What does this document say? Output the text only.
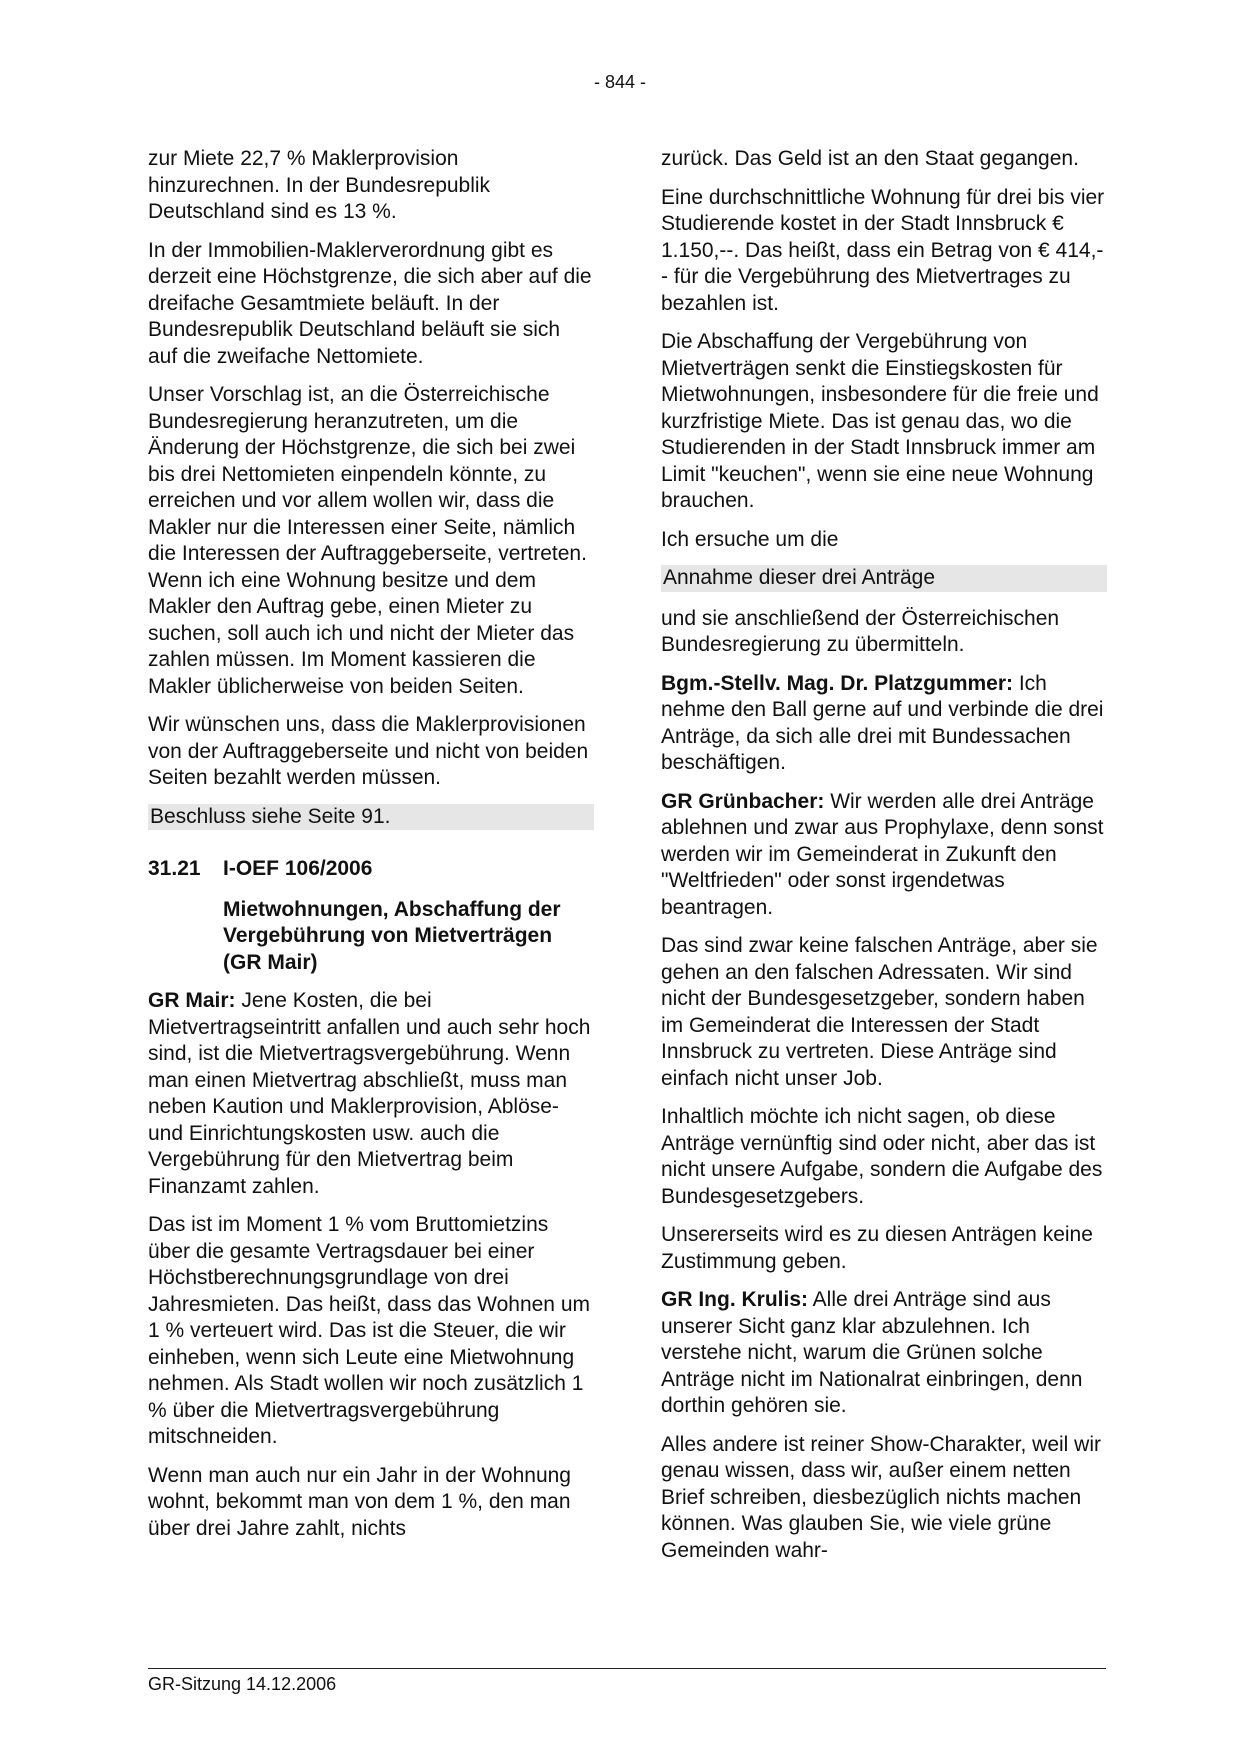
- 844 -

zur Miete 22,7 % Maklerprovision hinzurechnen. In der Bundesrepublik Deutschland sind es 13 %.

In der Immobilien-Maklerverordnung gibt es derzeit eine Höchstgrenze, die sich aber auf die dreifache Gesamtmiete beläuft. In der Bundesrepublik Deutschland beläuft sie sich auf die zweifache Nettomiete.

Unser Vorschlag ist, an die Österreichische Bundesregierung heranzutreten, um die Änderung der Höchstgrenze, die sich bei zwei bis drei Nettomieten einpendeln könnte, zu erreichen und vor allem wollen wir, dass die Makler nur die Interessen einer Seite, nämlich die Interessen der Auftraggeberseite, vertreten. Wenn ich eine Wohnung besitze und dem Makler den Auftrag gebe, einen Mieter zu suchen, soll auch ich und nicht der Mieter das zahlen müssen. Im Moment kassieren die Makler üblicherweise von beiden Seiten.

Wir wünschen uns, dass die Maklerprovisionen von der Auftraggeberseite und nicht von beiden Seiten bezahlt werden müssen.

Beschluss siehe Seite 91.
31.21	I-OEF 106/2006
Mietwohnungen, Abschaffung der Vergebührung von Mietverträgen (GR Mair)

GR Mair: Jene Kosten, die bei Mietvertragseintritt anfallen und auch sehr hoch sind, ist die Mietvertragsvergebührung. Wenn man einen Mietvertrag abschließt, muss man neben Kaution und Maklerprovision, Ablöse- und Einrichtungskosten usw. auch die Vergebührung für den Mietvertrag beim Finanzamt zahlen.

Das ist im Moment 1 % vom Bruttomietzins über die gesamte Vertragsdauer bei einer Höchstberechnungsgrundlage von drei Jahresmieten. Das heißt, dass das Wohnen um 1 % verteuert wird. Das ist die Steuer, die wir einheben, wenn sich Leute eine Mietwohnung nehmen. Als Stadt wollen wir noch zusätzlich 1 % über die Mietvertragsvergebührung mitschneiden.

Wenn man auch nur ein Jahr in der Wohnung wohnt, bekommt man von dem 1 %, den man über drei Jahre zahlt, nichts

zurück. Das Geld ist an den Staat gegangen.

Eine durchschnittliche Wohnung für drei bis vier Studierende kostet in der Stadt Innsbruck € 1.150,--. Das heißt, dass ein Betrag von € 414,-- für die Vergebührung des Mietvertrages zu bezahlen ist.

Die Abschaffung der Vergebührung von Mietverträgen senkt die Einstiegskosten für Mietwohnungen, insbesondere für die freie und kurzfristige Miete. Das ist genau das, wo die Studierenden in der Stadt Innsbruck immer am Limit "keuchen", wenn sie eine neue Wohnung brauchen.

Ich ersuche um die

Annahme dieser drei Anträge

und sie anschließend der Österreichischen Bundesregierung zu übermitteln.

Bgm.-Stellv. Mag. Dr. Platzgummer: Ich nehme den Ball gerne auf und verbinde die drei Anträge, da sich alle drei mit Bundessachen beschäftigen.

GR Grünbacher: Wir werden alle drei Anträge ablehnen und zwar aus Prophylaxe, denn sonst werden wir im Gemeinderat in Zukunft den "Weltfrieden" oder sonst irgendetwas beantragen.

Das sind zwar keine falschen Anträge, aber sie gehen an den falschen Adressaten. Wir sind nicht der Bundesgesetzgeber, sondern haben im Gemeinderat die Interessen der Stadt Innsbruck zu vertreten. Diese Anträge sind einfach nicht unser Job.

Inhaltlich möchte ich nicht sagen, ob diese Anträge vernünftig sind oder nicht, aber das ist nicht unsere Aufgabe, sondern die Aufgabe des Bundesgesetzgebers.

Unsererseits wird es zu diesen Anträgen keine Zustimmung geben.

GR Ing. Krulis: Alle drei Anträge sind aus unserer Sicht ganz klar abzulehnen. Ich verstehe nicht, warum die Grünen solche Anträge nicht im Nationalrat einbringen, denn dorthin gehören sie.

Alles andere ist reiner Show-Charakter, weil wir genau wissen, dass wir, außer einem netten Brief schreiben, diesbezüglich nichts machen können. Was glauben Sie, wie viele grüne Gemeinden wahr-

GR-Sitzung 14.12.2006
